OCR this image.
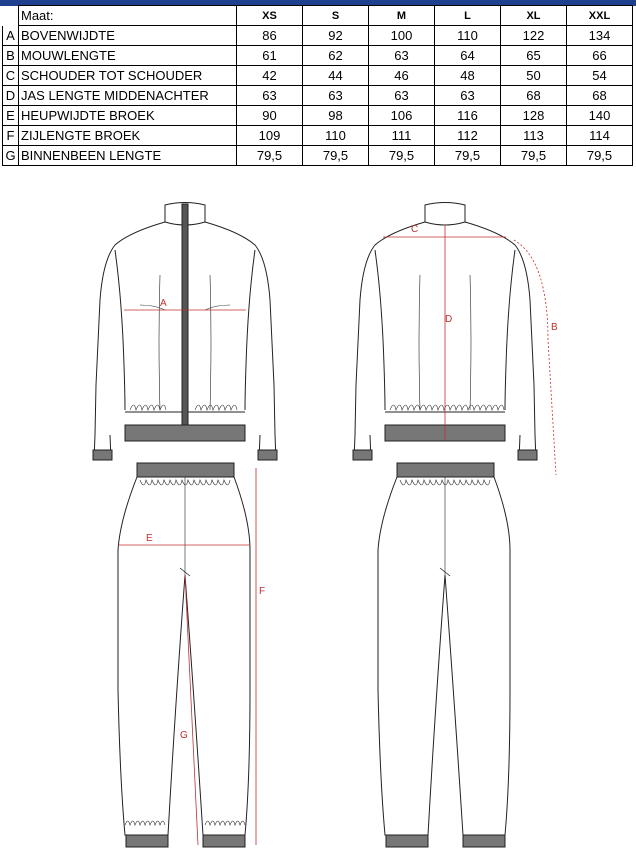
	Maat:	XS	S	M	L	XL	XXL
A	BOVENWIJDTE	86	92	100	110	122	134
B	MOUWLENGTE	61	62	63	64	65	66
C	SCHOUDER TOT SCHOUDER	42	44	46	48	50	54
D	JAS LENGTE MIDDENACHTER	63	63	63	63	68	68
E	HEUPWIJDTE BROEK	90	98	106	116	128	140
F	ZIJLENGTE BROEK	109	110	111	112	113	114
G	BINNENBEEN LENGTE	79,5	79,5	79,5	79,5	79,5	79,5
A
B
C
D
E
F
G
